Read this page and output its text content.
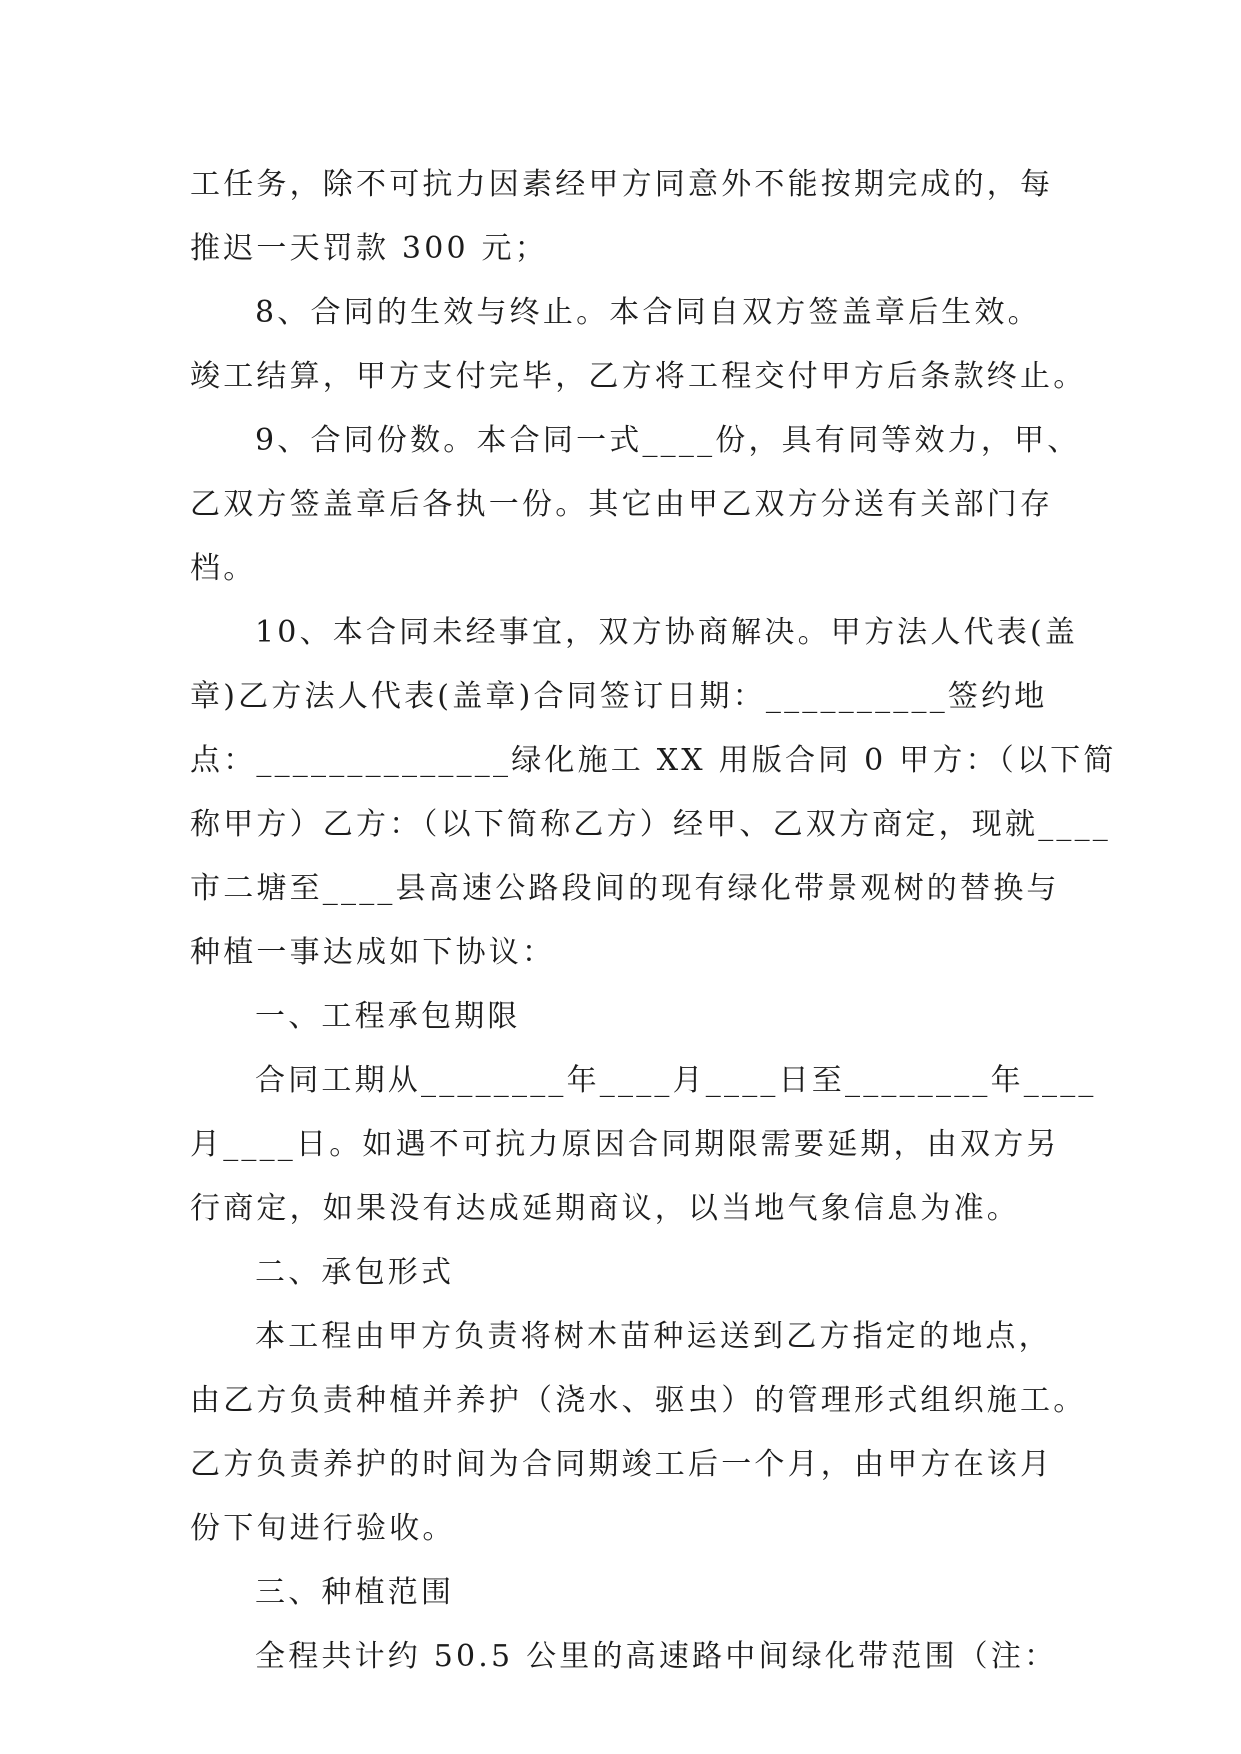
工任务，除不可抗力因素经甲方同意外不能按期完成的，每
推迟一天罚款 300 元；
8、合同的生效与终止。本合同自双方签盖章后生效。
竣工结算，甲方支付完毕，乙方将工程交付甲方后条款终止。
9、合同份数。本合同一式____份，具有同等效力，甲、
乙双方签盖章后各执一份。其它由甲乙双方分送有关部门存
档。
10、本合同未经事宜，双方协商解决。甲方法人代表(盖
章)乙方法人代表(盖章)合同签订日期：__________签约地
点：______________绿化施工 XX 用版合同 0 甲方：（以下简
称甲方）乙方：（以下简称乙方）经甲、乙双方商定，现就____
市二塘至____县高速公路段间的现有绿化带景观树的替换与
种植一事达成如下协议：
一、工程承包期限
合同工期从________年____月____日至________年____
月____日。如遇不可抗力原因合同期限需要延期，由双方另
行商定，如果没有达成延期商议，以当地气象信息为准。
二、承包形式
本工程由甲方负责将树木苗种运送到乙方指定的地点，
由乙方负责种植并养护（浇水、驱虫）的管理形式组织施工。
乙方负责养护的时间为合同期竣工后一个月，由甲方在该月
份下旬进行验收。
三、种植范围
全程共计约 50.5 公里的高速路中间绿化带范围（注：
